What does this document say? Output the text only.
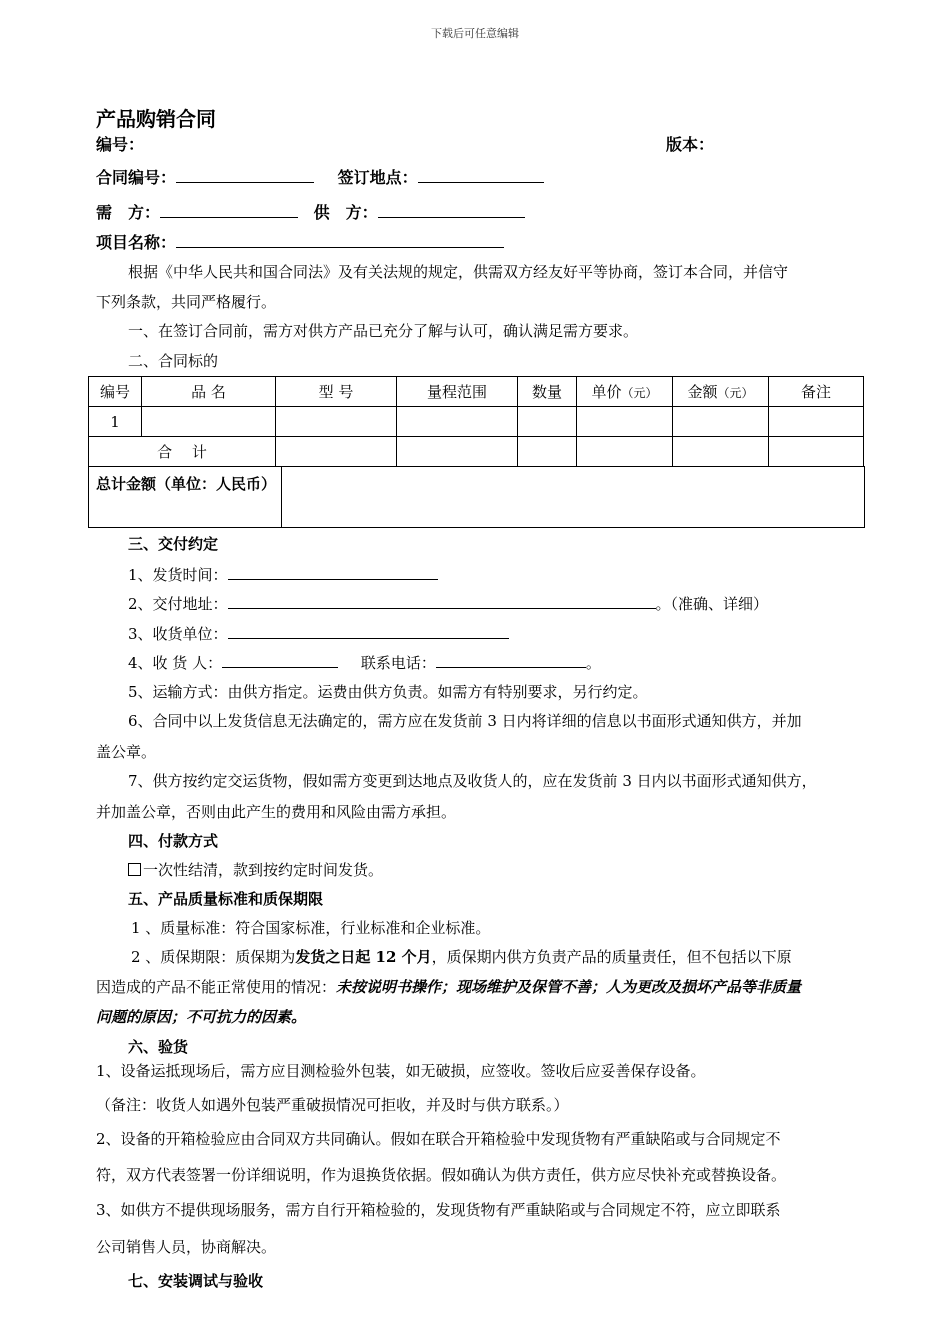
下载后可任意编辑
产品购销合同
编号：	版本：
合同编号：	签订地点：
需　方：	供　方：
项目名称：
根据《中华人民共和国合同法》及有关法规的规定，供需双方经友好平等协商，签订本合同，并信守
下列条款，共同严格履行。
一、在签订合同前，需方对供方产品已充分了解与认可，确认满足需方要求。
二、合同标的
编号	品 名	型 号	量程范围	数量	单价（元）	金额（元）	备注
1							
合　 计							
总计金额（单位：人民币）
三、交付约定
1、发货时间：
2、交付地址：	。（准确、详细）
3、收货单位：
4、收 货 人：	联系电话：	。
5、运输方式：由供方指定。运费由供方负责。如需方有特别要求，另行约定。
6、合同中以上发货信息无法确定的，需方应在发货前 3 日内将详细的信息以书面形式通知供方，并加
盖公章。
7、供方按约定交运货物，假如需方变更到达地点及收货人的，应在发货前 3 日内以书面形式通知供方，
并加盖公章，否则由此产生的费用和风险由需方承担。
四、付款方式
一次性结清，款到按约定时间发货。
五、产品质量标准和质保期限
1 、质量标准：符合国家标准，行业标准和企业标准。
2 、质保期限：质保期为发货之日起 12 个月，质保期内供方负责产品的质量责任，但不包括以下原
因造成的产品不能正常使用的情况：未按说明书操作；现场维护及保管不善；人为更改及损坏产品等非质量
问题的原因；不可抗力的因素。
六、验货
1、设备运抵现场后，需方应目测检验外包装，如无破损，应签收。签收后应妥善保存设备。
（备注：收货人如遇外包装严重破损情况可拒收，并及时与供方联系。）
2、设备的开箱检验应由合同双方共同确认。假如在联合开箱检验中发现货物有严重缺陷或与合同规定不
符，双方代表签署一份详细说明，作为退换货依据。假如确认为供方责任，供方应尽快补充或替换设备。
3、如供方不提供现场服务，需方自行开箱检验的，发现货物有严重缺陷或与合同规定不符，应立即联系
公司销售人员，协商解决。
七、安装调试与验收
